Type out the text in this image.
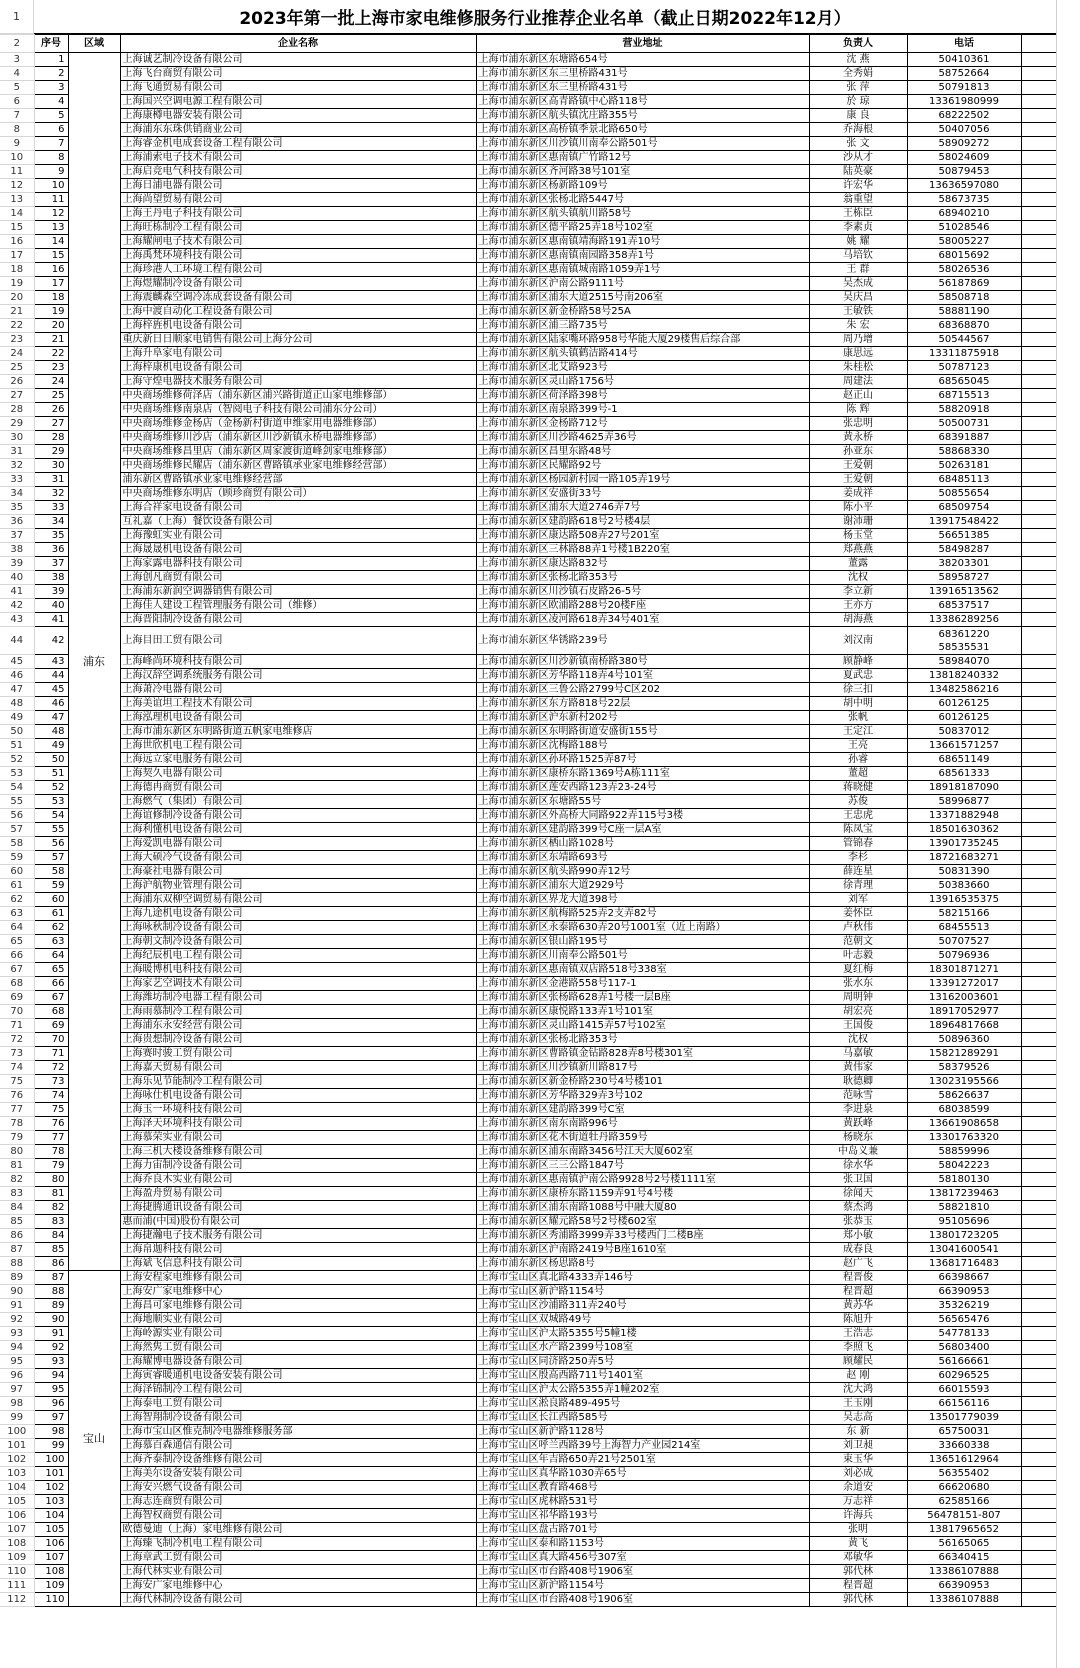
1	2023年第一批上海市家电维修服务行业推荐企业名单（截止日期2022年12月）
2	序号	区域	企业名称	营业地址	负责人	电话	
3	1	浦东	上海诚艺制冷设备有限公司	上海市浦东新区东塘路654号	沈 燕	50410361	
4	2		上海飞台商贸有限公司	上海市浦东新区东三里桥路431号	全秀娟	58752664	
5	3		上海飞通贸易有限公司	上海市浦东新区东三里桥路431号	张 萍	50791813	
6	4		上海国兴空调电源工程有限公司	上海市浦东新区高青路镇中心路118号	於 琼	13361980999	
7	5		上海康樽电器安装有限公司	上海市浦东新区航头镇沈庄路355号	康 良	68222502	
8	6		上海浦东东珠供销商业公司	上海市浦东新区高桥镇季景北路650号	乔海根	50407056	
9	7		上海睿金机电成套设备工程有限公司	上海市浦东新区川沙镇川南奉公路501号	张 文	58909272	
10	8		上海浦索电子技术有限公司	上海市浦东新区惠南镇广竹路12号	沙从才	58024609	
11	9		上海启竞电气科技有限公司	上海市浦东新区齐河路38号101室	陆英豪	50879453	
12	10		上海日浦电器有限公司	上海市浦东新区杨新路109号	许宏华	13636597080	
13	11		上海尚望贸易有限公司	上海市浦东新区张杨北路5447号	翁重望	58673735	
14	12		上海王丹电子科技有限公司	上海市浦东新区航头镇航川路58号	王栋臣	68940210	
15	13		上海旺栋制冷工程有限公司	上海市浦东新区德平路25弄18号102室	李素贞	51028546	
16	14		上海耀闸电子技术有限公司	上海市浦东新区惠南镇靖海路191弄10号	姚 耀	58005227	
17	15		上海禹梵环境科技有限公司	上海市浦东新区惠南镇南园路358弄1号	马培钦	68015692	
18	16		上海珍港人工环境工程有限公司	上海市浦东新区惠南镇城南路1059弄1号	王 群	58026536	
19	17		上海煜耀制冷设备有限公司	上海市浦东新区沪南公路9111号	吴杰成	56187869	
20	18		上海震麟森空调冷冻成套设备有限公司	上海市浦东新区浦东大道2515号南206室	吴庆昌	58508718	
21	19		上海中渡自动化工程设备有限公司	上海市浦东新区新金桥路58号25A	王敏铁	58881190	
22	20		上海梓旌机电设备有限公司	上海市浦东新区浦三路735号	朱 宏	68368870	
23	21		重庆新日日顺家电销售有限公司上海分公司	上海市浦东新区陆家嘴环路958号华能大厦29楼售后综合部	周乃增	50544567	
24	22		上海升阜家电有限公司	上海市浦东新区航头镇鹤洁路414号	康思远	13311875918	
25	23		上海梓康机电设备有限公司	上海市浦东新区北艾路923号	朱桂松	50787123	
26	24		上海守煌电器技术服务有限公司	上海市浦东新区灵山路1756号	周建法	68565045	
27	25		中央商场维修荷泽店（浦东新区浦兴路街道正山家电维修部）	上海市浦东新区荷泽路398号	赵正山	68715513	
28	26		中央商场维修南泉店（智阅电子科技有限公司浦东分公司）	上海市浦东新区南泉路399号-1	陈 辉	58820918	
29	27		中央商场维修金杨店（金杨新村街道申维家用电器维修部）	上海市浦东新区金杨路712号	张忠明	50500731	
30	28		中央商场维修川沙店（浦东新区川沙新镇永桥电器维修部）	上海市浦东新区川沙路4625弄36号	黄永桥	68391887	
31	29		中央商场维修昌里店（浦东新区周家渡街道峰剑家电维修部）	上海市浦东新区昌里东路48号	孙亚东	58868330	
32	30		中央商场维修民耀店（浦东新区曹路镇承业家电维修经营部）	上海市浦东新区民耀路92号	王爱朝	50263181	
33	31		浦东新区曹路镇承业家电维修经营部	上海市浦东新区杨园新村园一路105弄19号	王爱朝	68485113	
34	32		中央商场维修东明店（顾珍商贸有限公司）	上海市浦东新区安盛街33号	姜成祥	50855654	
35	33		上海合祥家电设备有限公司	上海市浦东新区浦东大道2746弄7号	陈小平	68509754	
36	34		互礼嘉（上海）餐饮设备有限公司	上海市浦东新区建韵路618号2号楼4层	谢沛珊	13917548422	
37	35		上海豫虹实业有限公司	上海市浦东新区康达路508弄27号201室	杨玉堂	56651385	
38	36		上海晟晟机电设备有限公司	上海市浦东新区三林路88弄1号楼1B220室	郑燕燕	58498287	
39	37		上海家露电器科技有限公司	上海市浦东新区康达路832号	董露	38203301	
40	38		上海创凡商贸有限公司	上海市浦东新区张杨北路353号	沈权	58958727	
41	39		上海浦东新润空调器销售有限公司	上海市浦东新区川沙镇石皮路26-5号	李立新	13916513562	
42	40		上海佳人建设工程管理服务有限公司（维修）	上海市浦东新区欧浦路288号20楼F座	王亦方	68537517	
43	41		上海晋阳制冷设备有限公司	上海市浦东新区凌河路618弄34号401室	胡海燕	13386289256	
44	42		上海目田工贸有限公司	上海市浦东新区华锈路239号	刘汉南	68361220
58535531	
45	43		上海峰尚环境科技有限公司	上海市浦东新区川沙新镇南桥路380号	顾静峰	58984070	
46	44		上海汉辞空调系统服务有限公司	上海市浦东新区芳华路118弄4号101室	夏武忠	13818240332	
47	45		上海萧冷电器有限公司	上海市浦东新区三鲁公路2799号C区202	徐三扣	13482586216	
48	46		上海美谊坦工程技术有限公司	上海市浦东新区东方路818号22层	胡中明	60126125	
49	47		上海泓理机电设备有限公司	上海市浦东新区沪东新村202号	张帆	60126125	
50	48		上海市浦东新区东明路街道五帆家电维修店	上海市浦东新区东明路街道安盛街155号	王定江	50837012	
51	49		上海世欣机电工程有限公司	上海市浦东新区沈梅路188号	王亮	13661571257	
52	50		上海远立家电服务有限公司	上海市浦东新区孙环路1525弄87号	孙睿	68651149	
53	51		上海契久电器有限公司	上海市浦东新区康桥东路1369号A栋111室	董超	68561333	
54	52		上海德冉商贸有限公司	上海市浦东新区莲安西路123弄23-24号	蒋晓健	18918187090	
55	53		上海燃气（集团）有限公司	上海市浦东新区东塘路55号	苏俊	58996877	
56	54		上海谊修制冷设备有限公司	上海市浦东新区外高桥大同路922弄115号3楼	王忠虎	13371882948	
57	55		上海利懂机电设备有限公司	上海市浦东新区建韵路399号C座一层A室	陈凤宝	18501630362	
58	56		上海爱凯电器有限公司	上海市浦东新区栖山路1028号	管锦春	13901735245	
59	57		上海大硕冷气设备有限公司	上海市浦东新区东靖路693号	李杉	18721683271	
60	58		上海豪社电器有限公司	上海市浦东新区航头路990弄12号	薛连星	50831390	
61	59		上海沪航物业管理有限公司	上海市浦东新区浦东大道2929号	徐青理	50383660	
62	60		上海浦东双柳空调贸易有限公司	上海市浦东新区界龙大道398号	刘军	13916535375	
63	61		上海九途机电设备有限公司	上海市浦东新区航梅路525弄2支弄82号	姜怀臣	58215166	
64	62		上海咏秋制冷设备有限公司	上海市浦东新区永泰路630弄20号1001室（近上南路）	卢秋伟	68455513	
65	63		上海朝文制冷设备有限公司	上海市浦东新区银山路195号	范朝文	50707527	
66	64		上海纪辰机电工程有限公司	上海市浦东新区川南奉公路501号	叶志毅	50796936	
67	65		上海暖博机电科技有限公司	上海市浦东新区惠南镇双店路518号338室	夏红梅	18301871271	
68	66		上海家艺空调技术有限公司	上海市浦东新区金港路558号117-1	张水东	13391272017	
69	67		上海潍坊制冷电器工程有限公司	上海市浦东新区张杨路628弄1号楼一层B座	周明钟	13162003601	
70	68		上海雨慕制冷工程有限公司	上海市浦东新区康悦路133弄1号101室	胡宏亮	18917052977	
71	69		上海浦东永安经营有限公司	上海市浦东新区灵山路1415弄57号102室	王国俊	18964817668	
72	70		上海贵想制冷设备有限公司	上海市浦东新区张杨北路353号	沈权	50896360	
73	71		上海赛时骏工贸有限公司	上海市浦东新区曹路镇金钻路828弄8号楼301室	马嘉敏	15821289291	
74	72		上海嘉天贸易有限公司	上海市浦东新区川沙镇新川路817号	黄伟家	58379526	
75	73		上海乐见节能制冷工程有限公司	上海市浦东新区新金桥路230号4号楼101	耿德卿	13023195566	
76	74		上海咏仕机电设备有限公司	上海市浦东新区芳华路329弄3号102	范咏雪	58626637	
77	75		上海玉一环境科技有限公司	上海市浦东新区建韵路399号C室	李进泉	68038599	
78	76		上海泽天环境科技有限公司	上海市浦东新区南东南路996号	黄跃峰	13661908658	
79	77		上海慕荣实业有限公司	上海市浦东新区花木街道牡丹路359号	杨晓东	13301763320	
80	78		上海三机大楼设备维修有限公司	上海市浦东新区浦东南路3456号江天大厦602室	中岛义兼	58859996	
81	79		上海力宙制冷设备有限公司	上海市浦东新区三三公路1847号	徐水华	58042223	
82	80		上海乔良木实业有限公司	上海市浦东新区惠南镇沪南公路9928号2号楼1111室	张卫国	58180130	
83	81		上海盈舟贸易有限公司	上海市浦东新区康桥东路1159弄91号4号楼	徐闻天	13817239463	
84	82		上海捷腾通讯设备有限公司	上海市浦东新区浦东南路1088号中融大厦80	蔡杰鸿	58821810	
85	83		惠而浦(中国)股份有限公司	上海市浦东新区耀元路58号2号楼602室	张恭玉	95105696	
86	84		上海捷瀚电子技术服务有限公司	上海市浦东新区秀浦路3999弄33号楼西门二楼B座	郑小敏	13801723205	
87	85		上海帛迦科技有限公司	上海市浦东新区沪南路2419号B座1610室	成春良	13041600541	
88	86		上海斌飞信息科技有限公司	上海市浦东新区杨思路8号	赵广飞	13681716483	
89	87	宝山	上海安程家电维修有限公司	上海市宝山区真北路4333弄146号	程晋俊	66398667	
90	88		上海安广家电维修中心	上海市宝山区新沪路1154号	程晋超	66390953	
91	89		上海昌可家电维修有限公司	上海市宝山区沙浦路311弄240号	黄苏华	35326219	
92	90		上海地顺实业有限公司	上海市宝山区双城路49号	陈旭升	56565476	
93	91		上海岭源实业有限公司	上海市宝山区沪太路5355号5幢1楼	王浩志	54778133	
94	92		上海然隽工贸有限公司	上海市宝山区水产路2399号108室	李照飞	56803400	
95	93		上海耀博电器设备有限公司	上海市宝山区同济路250弄5号	顾耀民	56166661	
96	94		上海寅睿暖通机电设备安装有限公司	上海市宝山区殷高西路711号1401室	赵 刚	60296525	
97	95		上海泽锦制冷工程有限公司	上海市宝山区沪太公路5355弄1幢202室	沈大鸿	66015593	
98	96		上海泰电工贸有限公司	上海市宝山区淞良路489-495号	王玉刚	66156116	
99	97		上海智翔制冷设备有限公司	上海市宝山区长江西路585号	吴志高	13501779039	
100	98		上海市宝山区惟克制冷电器维修服务部	上海市宝山区新沪路1128号	东 新	65750031	
101	99		上海慕百森通信有限公司	上海市宝山区呼兰西路39号上海智力产业园214室	刘卫昶	33660338	
102	100		上海齐泰制冷设备维修有限公司	上海市宝山区年吉路650弄21号2501室	束玉华	13651612964	
103	101		上海美尔设备安装有限公司	上海市宝山区真华路1030弄65号	刘必成	56355402	
104	102		上海安兴燃气设备有限公司	上海市宝山区教育路468号	余道安	66620680	
105	103		上海志连商贸有限公司	上海市宝山区虎林路531号	万志祥	62585166	
106	104		上海智权商贸有限公司	上海市宝山区祁华路193号	许海兵	56478151-807	
107	105		欧德曼迪（上海）家电维修有限公司	上海市宝山区盘古路701号	张明	13817965652	
108	106		上海臻飞制冷机电工程有限公司	上海市宝山区泰和路1153号	黄飞	56165065	
109	107		上海章武工贸有限公司	上海市宝山区真大路456号307室	邓敏华	66340415	
110	108		上海代林实业有限公司	上海市宝山区市台路408号1906室	郭代林	13386107888	
111	109		上海安广家电维修中心	上海市宝山区新沪路1154号	程晋超	66390953	
112	110		上海代林制冷设备有限公司	上海市宝山区市台路408号1906室	郭代林	13386107888	
